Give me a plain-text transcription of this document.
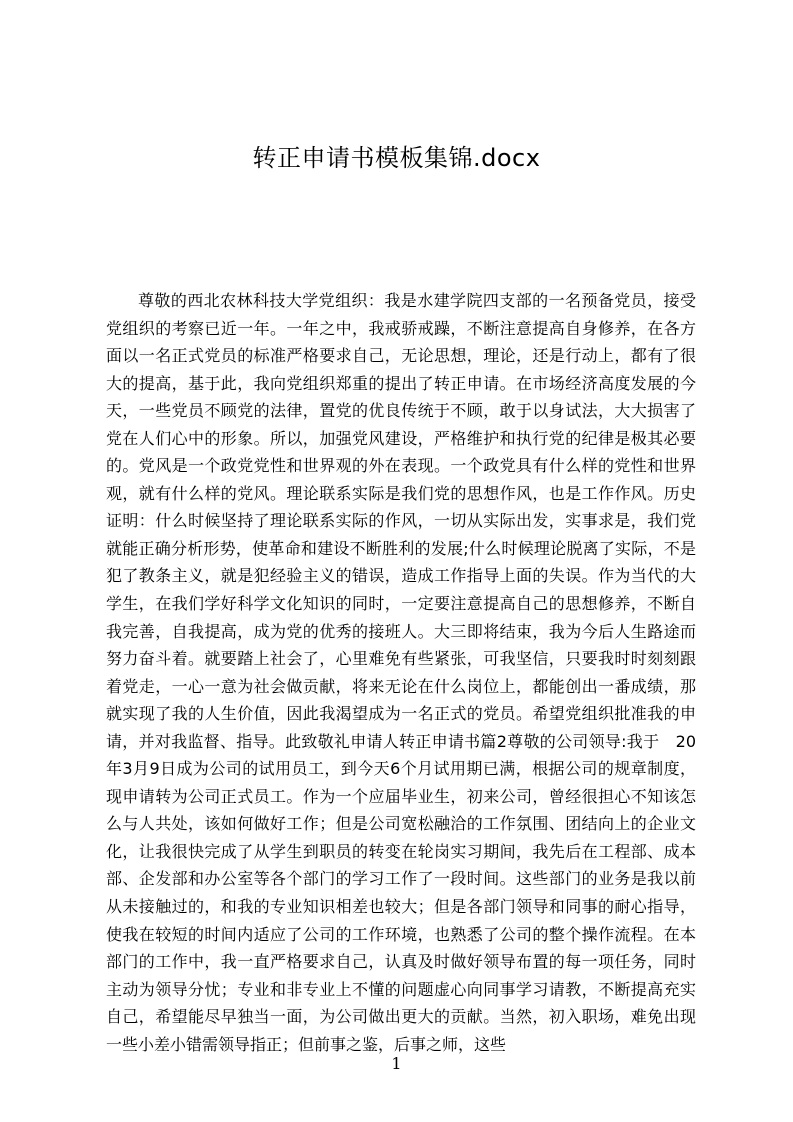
转正申请书模板集锦.docx

尊敬的西北农林科技大学党组织：我是水建学院四支部的一名预备党员，接受党组织的考察已近一年。一年之中，我戒骄戒躁，不断注意提高自身修养，在各方面以一名正式党员的标准严格要求自己，无论思想，理论，还是行动上，都有了很大的提高，基于此，我向党组织郑重的提出了转正申请。在市场经济高度发展的今天，一些党员不顾党的法律，置党的优良传统于不顾，敢于以身试法，大大损害了党在人们心中的形象。所以，加强党风建设，严格维护和执行党的纪律是极其必要的。党风是一个政党党性和世界观的外在表现。一个政党具有什么样的党性和世界观，就有什么样的党风。理论联系实际是我们党的思想作风，也是工作作风。历史证明：什么时候坚持了理论联系实际的作风，一切从实际出发，实事求是，我们党就能正确分析形势，使革命和建设不断胜利的发展;什么时候理论脱离了实际，不是犯了教条主义，就是犯经验主义的错误，造成工作指导上面的失误。作为当代的大学生，在我们学好科学文化知识的同时，一定要注意提高自己的思想修养，不断自我完善，自我提高，成为党的优秀的接班人。大三即将结束，我为今后人生路途而努力奋斗着。就要踏上社会了，心里难免有些紧张，可我坚信，只要我时时刻刻跟着党走，一心一意为社会做贡献，将来无论在什么岗位上，都能创出一番成绩，那就实现了我的人生价值，因此我渴望成为一名正式的党员。希望党组织批准我的申请，并对我监督、指导。此致敬礼申请人转正申请书篇2尊敬的公司领导:我于　20年3月9日成为公司的试用员工，到今天6个月试用期已满，根据公司的规章制度，现申请转为公司正式员工。作为一个应届毕业生，初来公司，曾经很担心不知该怎么与人共处，该如何做好工作；但是公司宽松融洽的工作氛围、团结向上的企业文化，让我很快完成了从学生到职员的转变在轮岗实习期间，我先后在工程部、成本部、企发部和办公室等各个部门的学习工作了一段时间。这些部门的业务是我以前从未接触过的，和我的专业知识相差也较大；但是各部门领导和同事的耐心指导，使我在较短的时间内适应了公司的工作环境，也熟悉了公司的整个操作流程。在本部门的工作中，我一直严格要求自己，认真及时做好领导布置的每一项任务，同时主动为领导分忧；专业和非专业上不懂的问题虚心向同事学习请教，不断提高充实自己，希望能尽早独当一面，为公司做出更大的贡献。当然，初入职场，难免出现一些小差小错需领导指正；但前事之鉴，后事之师，这些

1
